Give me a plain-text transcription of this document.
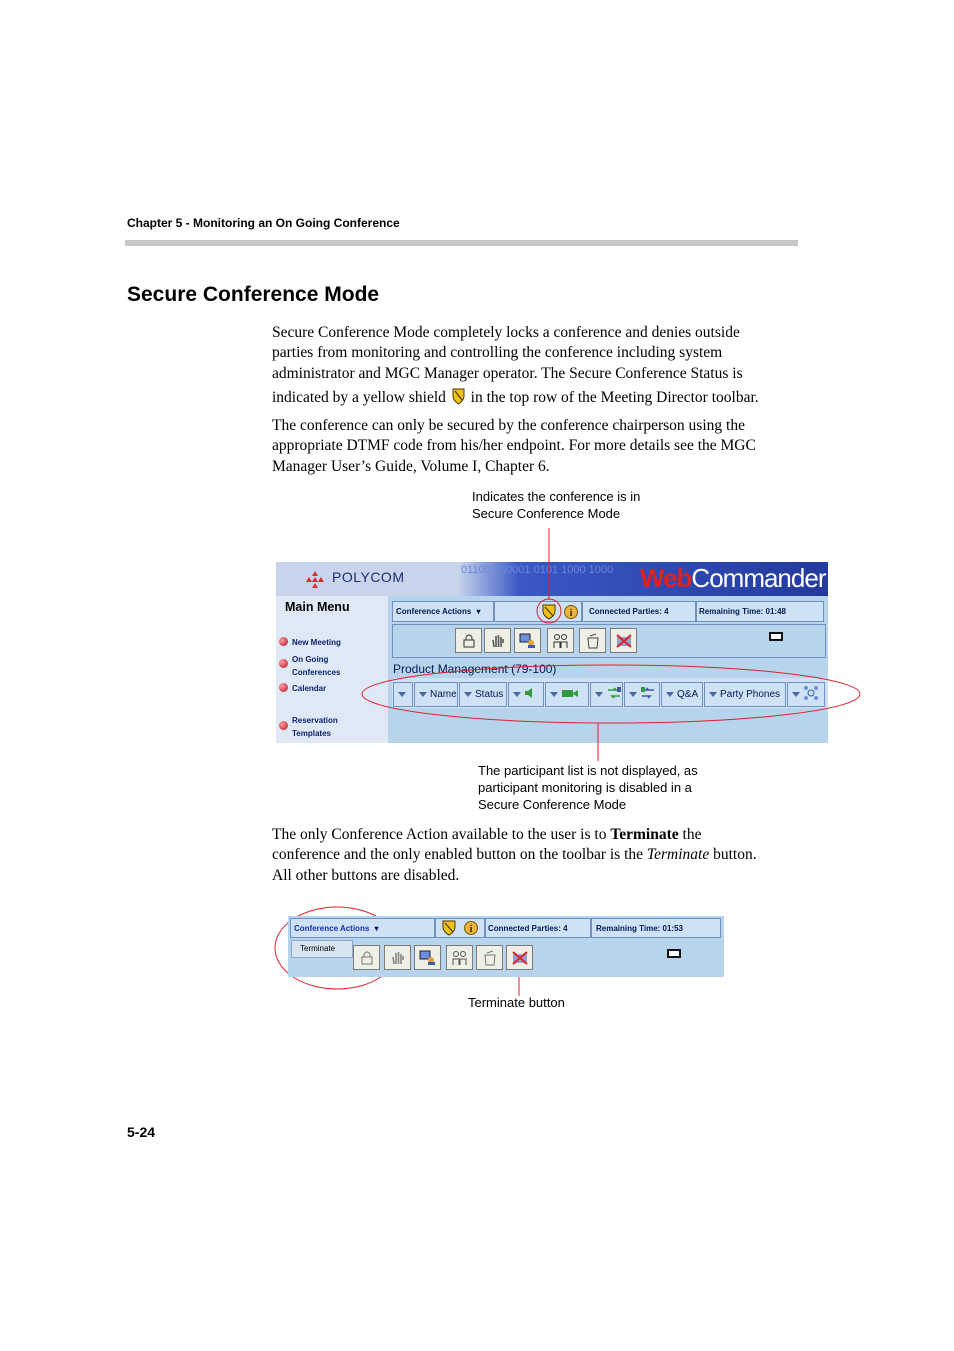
Chapter 5 - Monitoring an On Going Conference
Secure Conference Mode
Secure Conference Mode completely locks a conference and denies outside
parties from monitoring and controlling the conference including system
administrator and MGC Manager operator. The Secure Conference Status is
indicated by a yellow shield in the top row of the Meeting Director toolbar.
The conference can only be secured by the conference chairperson using the
appropriate DTMF code from his/her endpoint. For more details see the MGC
Manager User’s Guide, Volume I, Chapter 6.
Indicates the conference is in
Secure Conference Mode
POLYCOM	01100 100001 0101 1000 1000 WebCommander
Main Menu
New Meeting
On Going
Conferences
Calendar
Reservation
Templates
Conference Actions ▾	i	Connected Parties: 4	Remaining Time: 01:48
Product Management (79-100)
Name Status	Q&A Party Phones
The participant list is not displayed, as
participant monitoring is disabled in a
Secure Conference Mode
The only Conference Action available to the user is to Terminate the
conference and the only enabled button on the toolbar is the Terminate button.
All other buttons are disabled.
Conference Actions ▾	i	Connected Parties: 4	Remaining Time: 01:53
Terminate
Terminate button
5-24
